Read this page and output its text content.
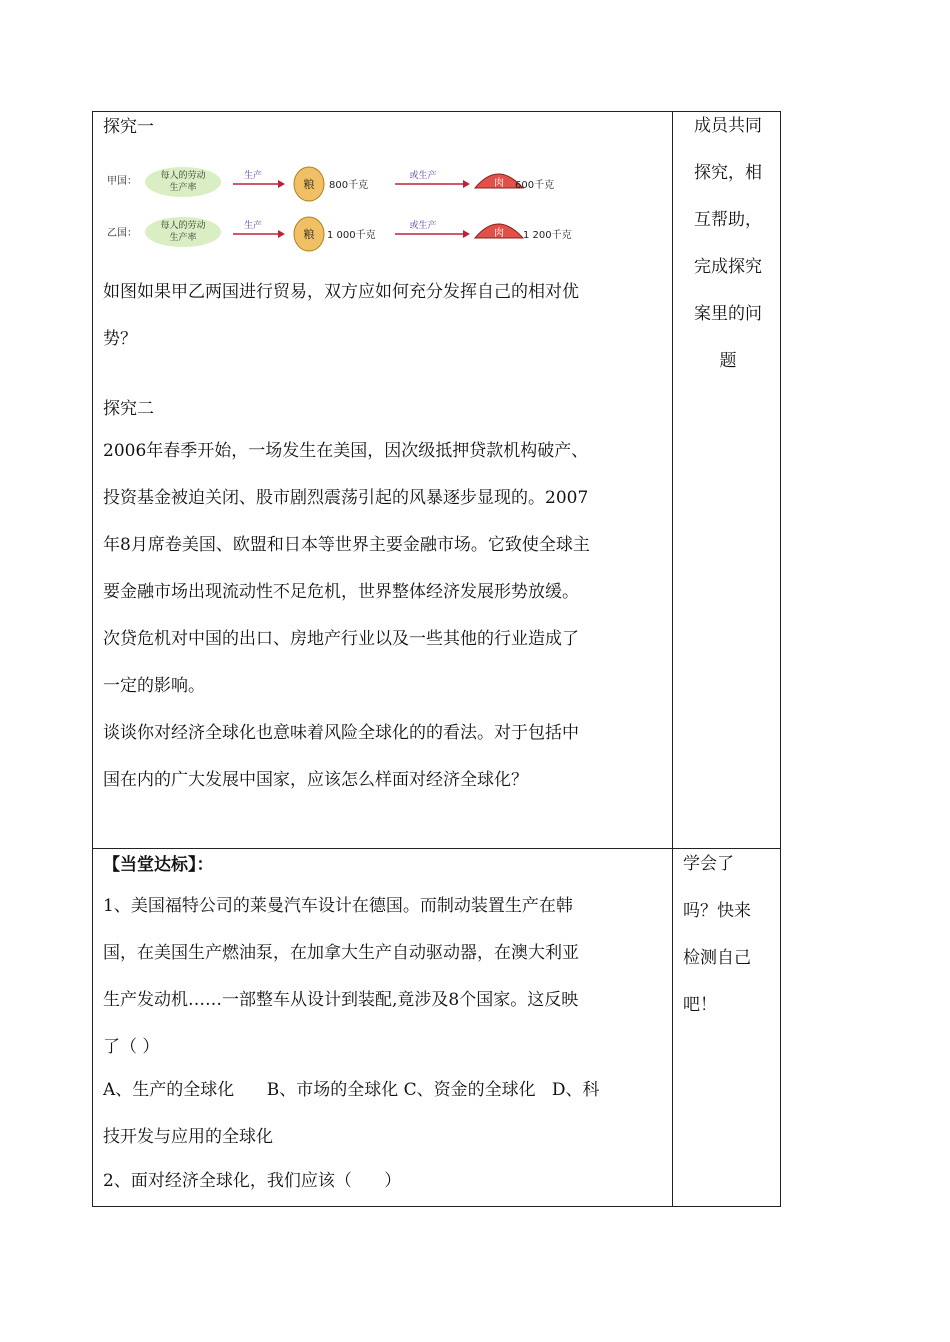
探究一

甲国：	每人的劳动
生产率
生产
粮 800千克
或生产
肉 600千克
乙国：
每人的劳动
生产率
生产
粮 1 000千克
或生产
肉 1 200千克

如图如果甲乙两国进行贸易，双方应如何充分发挥自己的相对优

势？

探究二

2006年春季开始，一场发生在美国，因次级抵押贷款机构破产、

投资基金被迫关闭、股市剧烈震荡引起的风暴逐步显现的。2007

年8月席卷美国、欧盟和日本等世界主要金融市场。它致使全球主

要金融市场出现流动性不足危机，世界整体经济发展形势放缓。

次贷危机对中国的出口、房地产行业以及一些其他的行业造成了

一定的影响。

谈谈你对经济全球化也意味着风险全球化的的看法。对于包括中

国在内的广大发展中国家，应该怎么样面对经济全球化？

成员共同

探究，相

互帮助，

完成探究

案里的问

题

【当堂达标】：

1、美国福特公司的莱曼汽车设计在德国。而制动装置生产在韩

国，在美国生产燃油泵，在加拿大生产自动驱动器，在澳大利亚

生产发动机……一部整车从设计到装配,竟涉及8个国家。这反映

了（ ）

A、生产的全球化      B、市场的全球化 C、资金的全球化   D、科

技开发与应用的全球化

2、面对经济全球化，我们应该（      ）

学会了

吗？快来

检测自己

吧！
